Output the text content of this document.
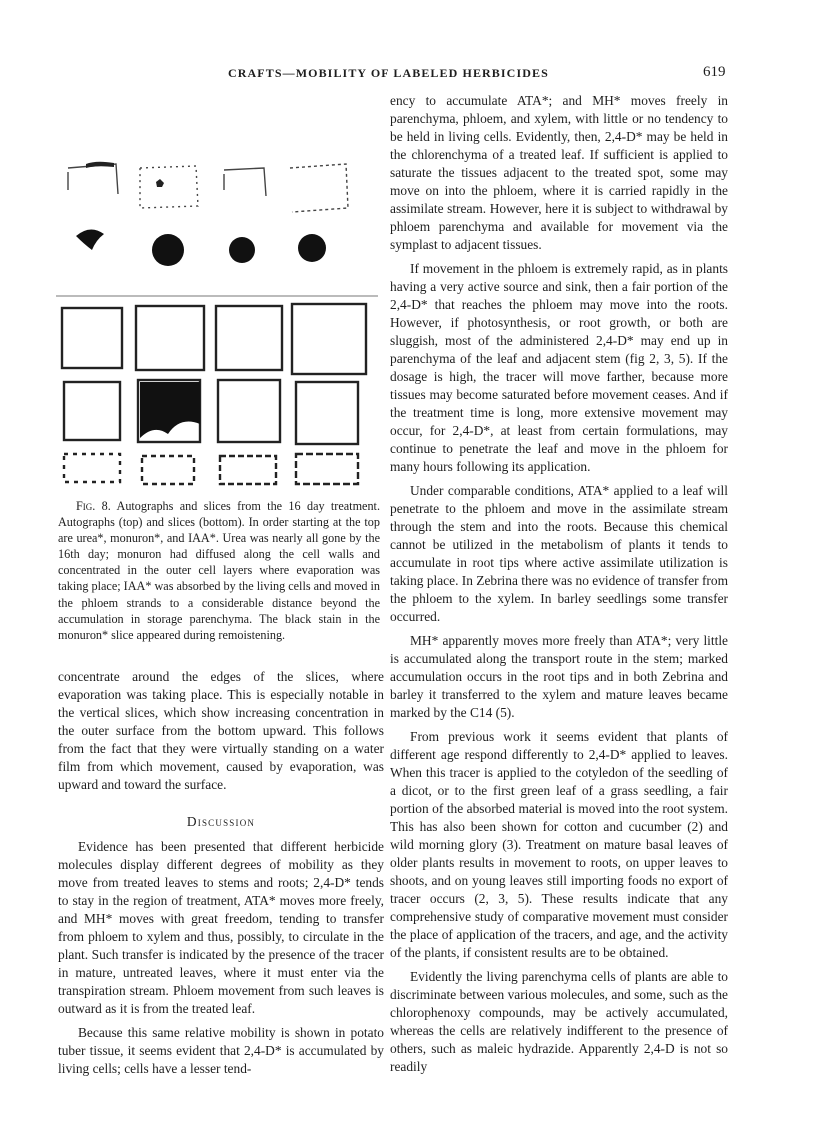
CRAFTS—MOBILITY OF LABELED HERBICIDES	619
Fig. 8. Autographs and slices from the 16 day treatment. Autographs (top) and slices (bottom). In order starting at the top are urea*, monuron*, and IAA*. Urea was nearly all gone by the 16th day; monuron had diffused along the cell walls and concentrated in the outer cell layers where evaporation was taking place; IAA* was absorbed by the living cells and moved in the phloem strands to a considerable distance beyond the accumulation in storage parenchyma. The black stain in the monuron* slice appeared during remoistening.

concentrate around the edges of the slices, where evaporation was taking place. This is especially notable in the vertical slices, which show increasing concentration in the outer surface from the bottom upward. This follows from the fact that they were virtually standing on a water film from which movement, caused by evaporation, was upward and toward the surface.

Discussion

Evidence has been presented that different herbicide molecules display different degrees of mobility as they move from treated leaves to stems and roots; 2,4-D* tends to stay in the region of treatment, ATA* moves more freely, and MH* moves with great freedom, tending to transfer from phloem to xylem and thus, possibly, to circulate in the plant. Such transfer is indicated by the presence of the tracer in mature, untreated leaves, where it must enter via the transpiration stream. Phloem movement from such leaves is outward as it is from the treated leaf.

Because this same relative mobility is shown in potato tuber tissue, it seems evident that 2,4-D* is accumulated by living cells; cells have a lesser tend-

ency to accumulate ATA*; and MH* moves freely in parenchyma, phloem, and xylem, with little or no tendency to be held in living cells. Evidently, then, 2,4-D* may be held in the chlorenchyma of a treated leaf. If sufficient is applied to saturate the tissues adjacent to the treated spot, some may move on into the phloem, where it is carried rapidly in the assimilate stream. However, here it is subject to withdrawal by phloem parenchyma and available for movement via the symplast to adjacent tissues.

If movement in the phloem is extremely rapid, as in plants having a very active source and sink, then a fair portion of the 2,4-D* that reaches the phloem may move into the roots. However, if photosynthesis, or root growth, or both are sluggish, most of the administered 2,4-D* may end up in parenchyma of the leaf and adjacent stem (fig 2, 3, 5). If the dosage is high, the tracer will move farther, because more tissues may become saturated before movement ceases. And if the treatment time is long, more extensive movement may occur, for 2,4-D*, at least from certain formulations, may continue to penetrate the leaf and move in the phloem for many hours following its application.

Under comparable conditions, ATA* applied to a leaf will penetrate to the phloem and move in the assimilate stream through the stem and into the roots. Because this chemical cannot be utilized in the metabolism of plants it tends to accumulate in root tips where active assimilate utilization is taking place. In Zebrina there was no evidence of transfer from the phloem to the xylem. In barley seedlings some transfer occurred.

MH* apparently moves more freely than ATA*; very little is accumulated along the transport route in the stem; marked accumulation occurs in the root tips and in both Zebrina and barley it transferred to the xylem and mature leaves became marked by the C14 (5).

From previous work it seems evident that plants of different age respond differently to 2,4-D* applied to leaves. When this tracer is applied to the cotyledon of the seedling of a dicot, or to the first green leaf of a grass seedling, a fair portion of the absorbed material is moved into the root system. This has also been shown for cotton and cucumber (2) and wild morning glory (3). Treatment on mature basal leaves of older plants results in movement to roots, on upper leaves to shoots, and on young leaves still importing foods no export of tracer occurs (2, 3, 5). These results indicate that any comprehensive study of comparative movement must consider the place of application of the tracers, and age, and the activity of the plants, if consistent results are to be obtained.

Evidently the living parenchyma cells of plants are able to discriminate between various molecules, and some, such as the chlorophenoxy compounds, may be actively accumulated, whereas the cells are relatively indifferent to the presence of others, such as maleic hydrazide. Apparently 2,4-D is not so readily
